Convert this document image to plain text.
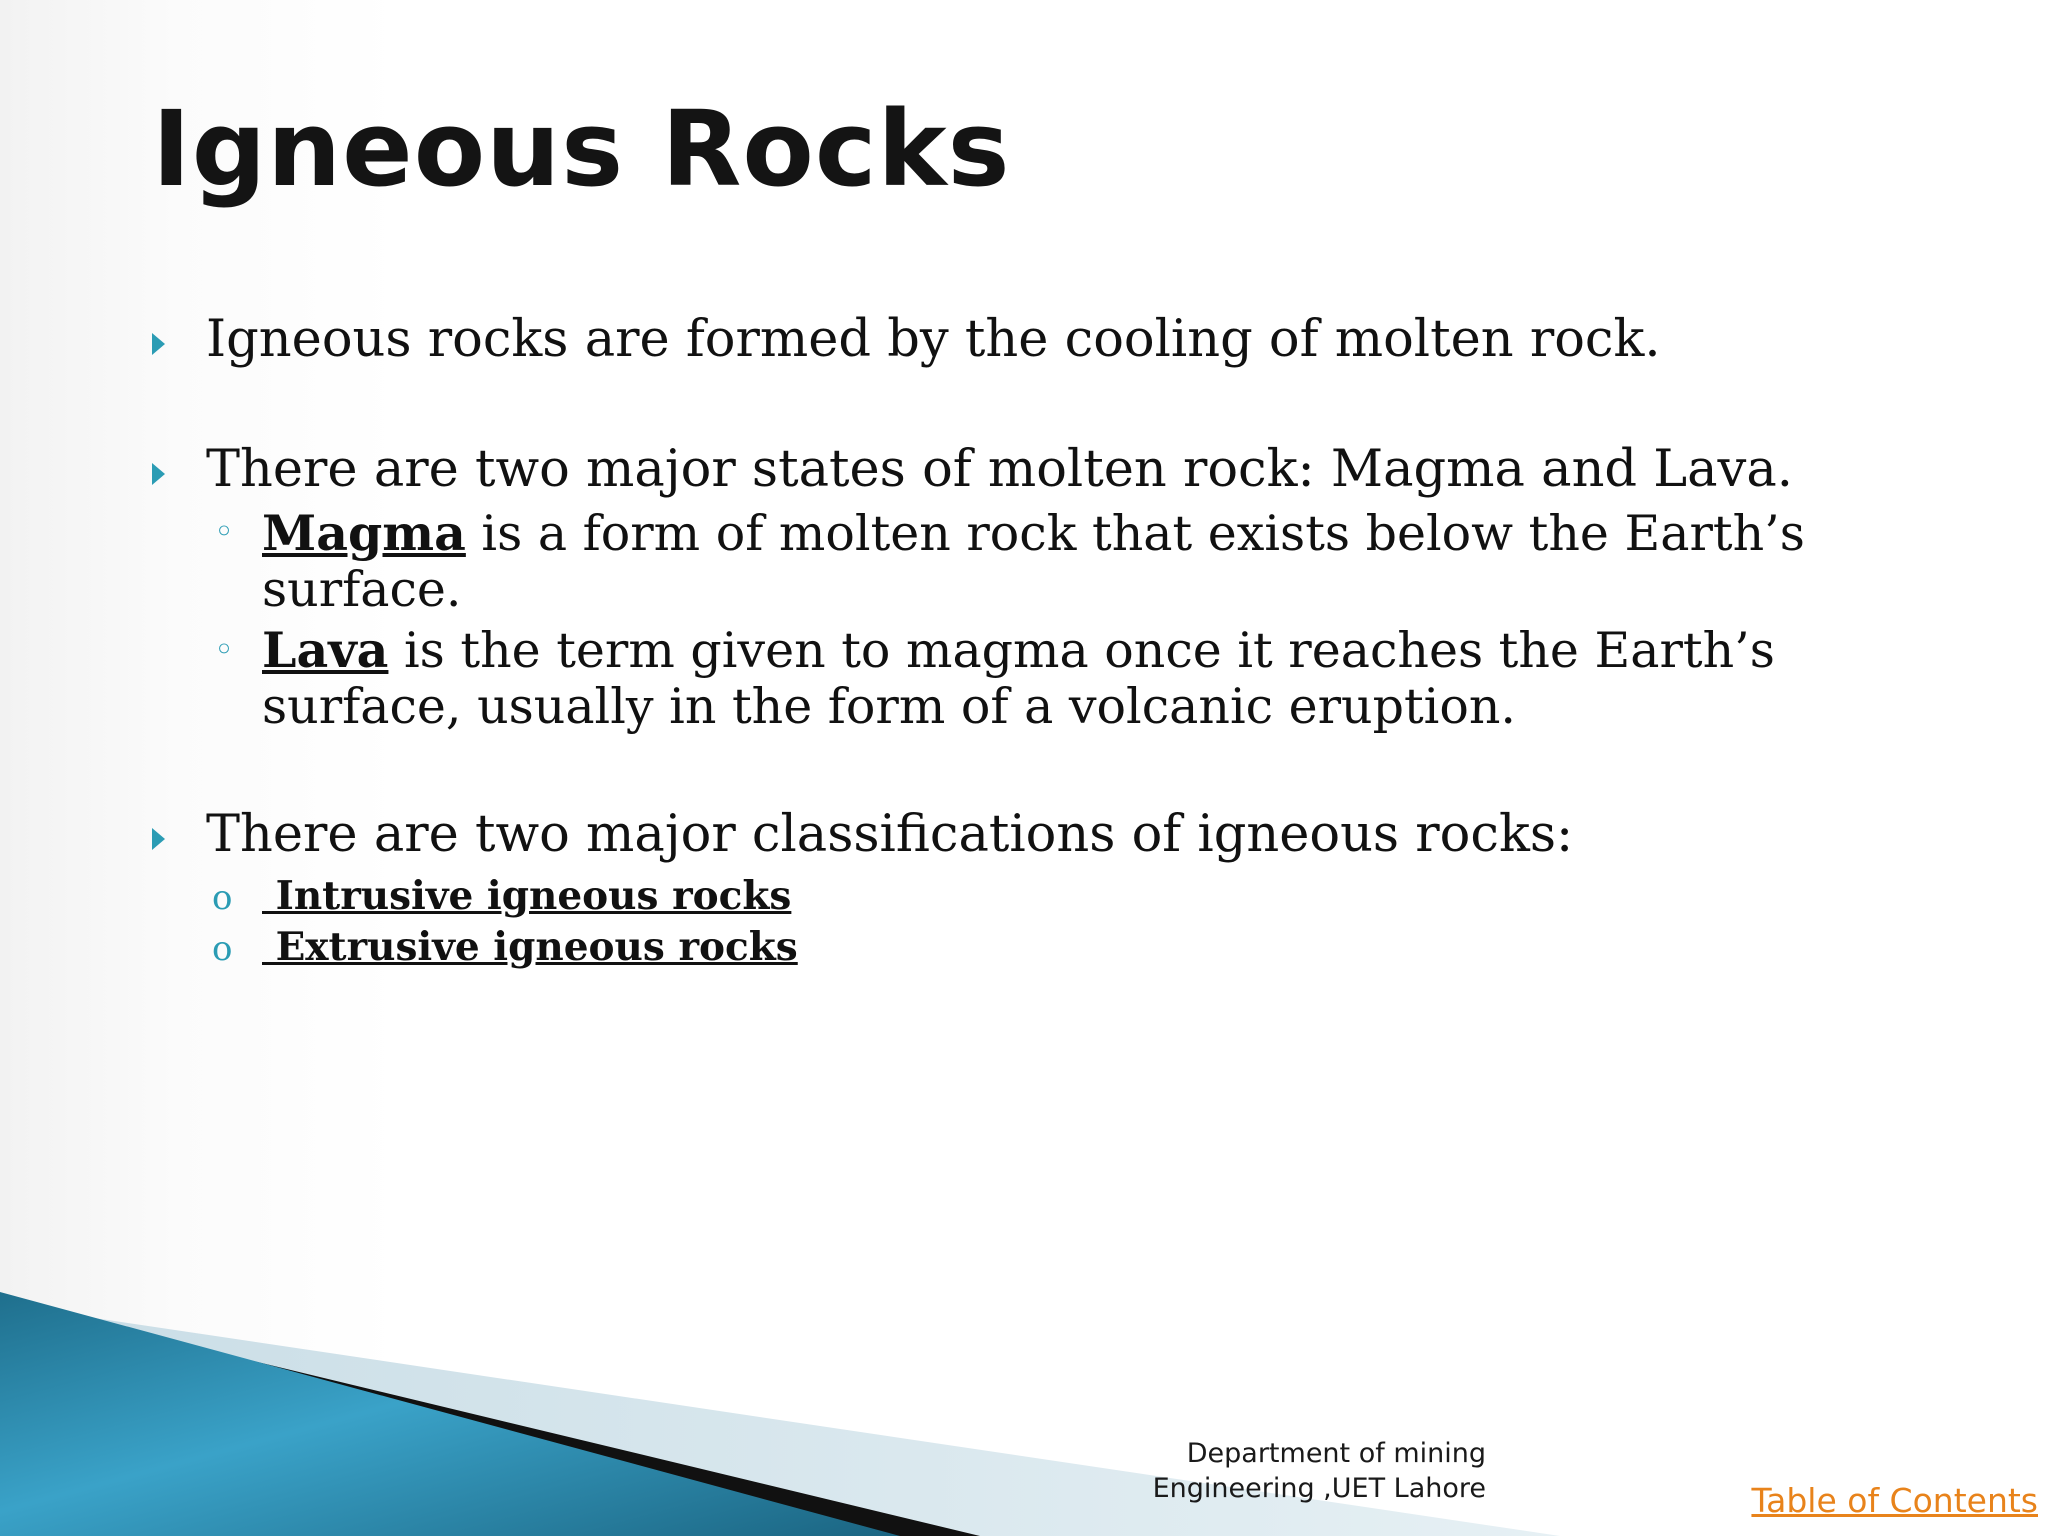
Igneous Rocks
Igneous rocks are formed by the cooling of molten rock.
There are two major states of molten rock: Magma and Lava.
◦ Magma is a form of molten rock that exists below the Earth’s
surface.
◦ Lava is the term given to magma once it reaches the Earth’s
surface, usually in the form of a volcanic eruption.
There are two major classifications of igneous rocks:
o Intrusive igneous rocks
o Extrusive igneous rocks
Department of mining
Engineering ,UET Lahore	Table of Contents
